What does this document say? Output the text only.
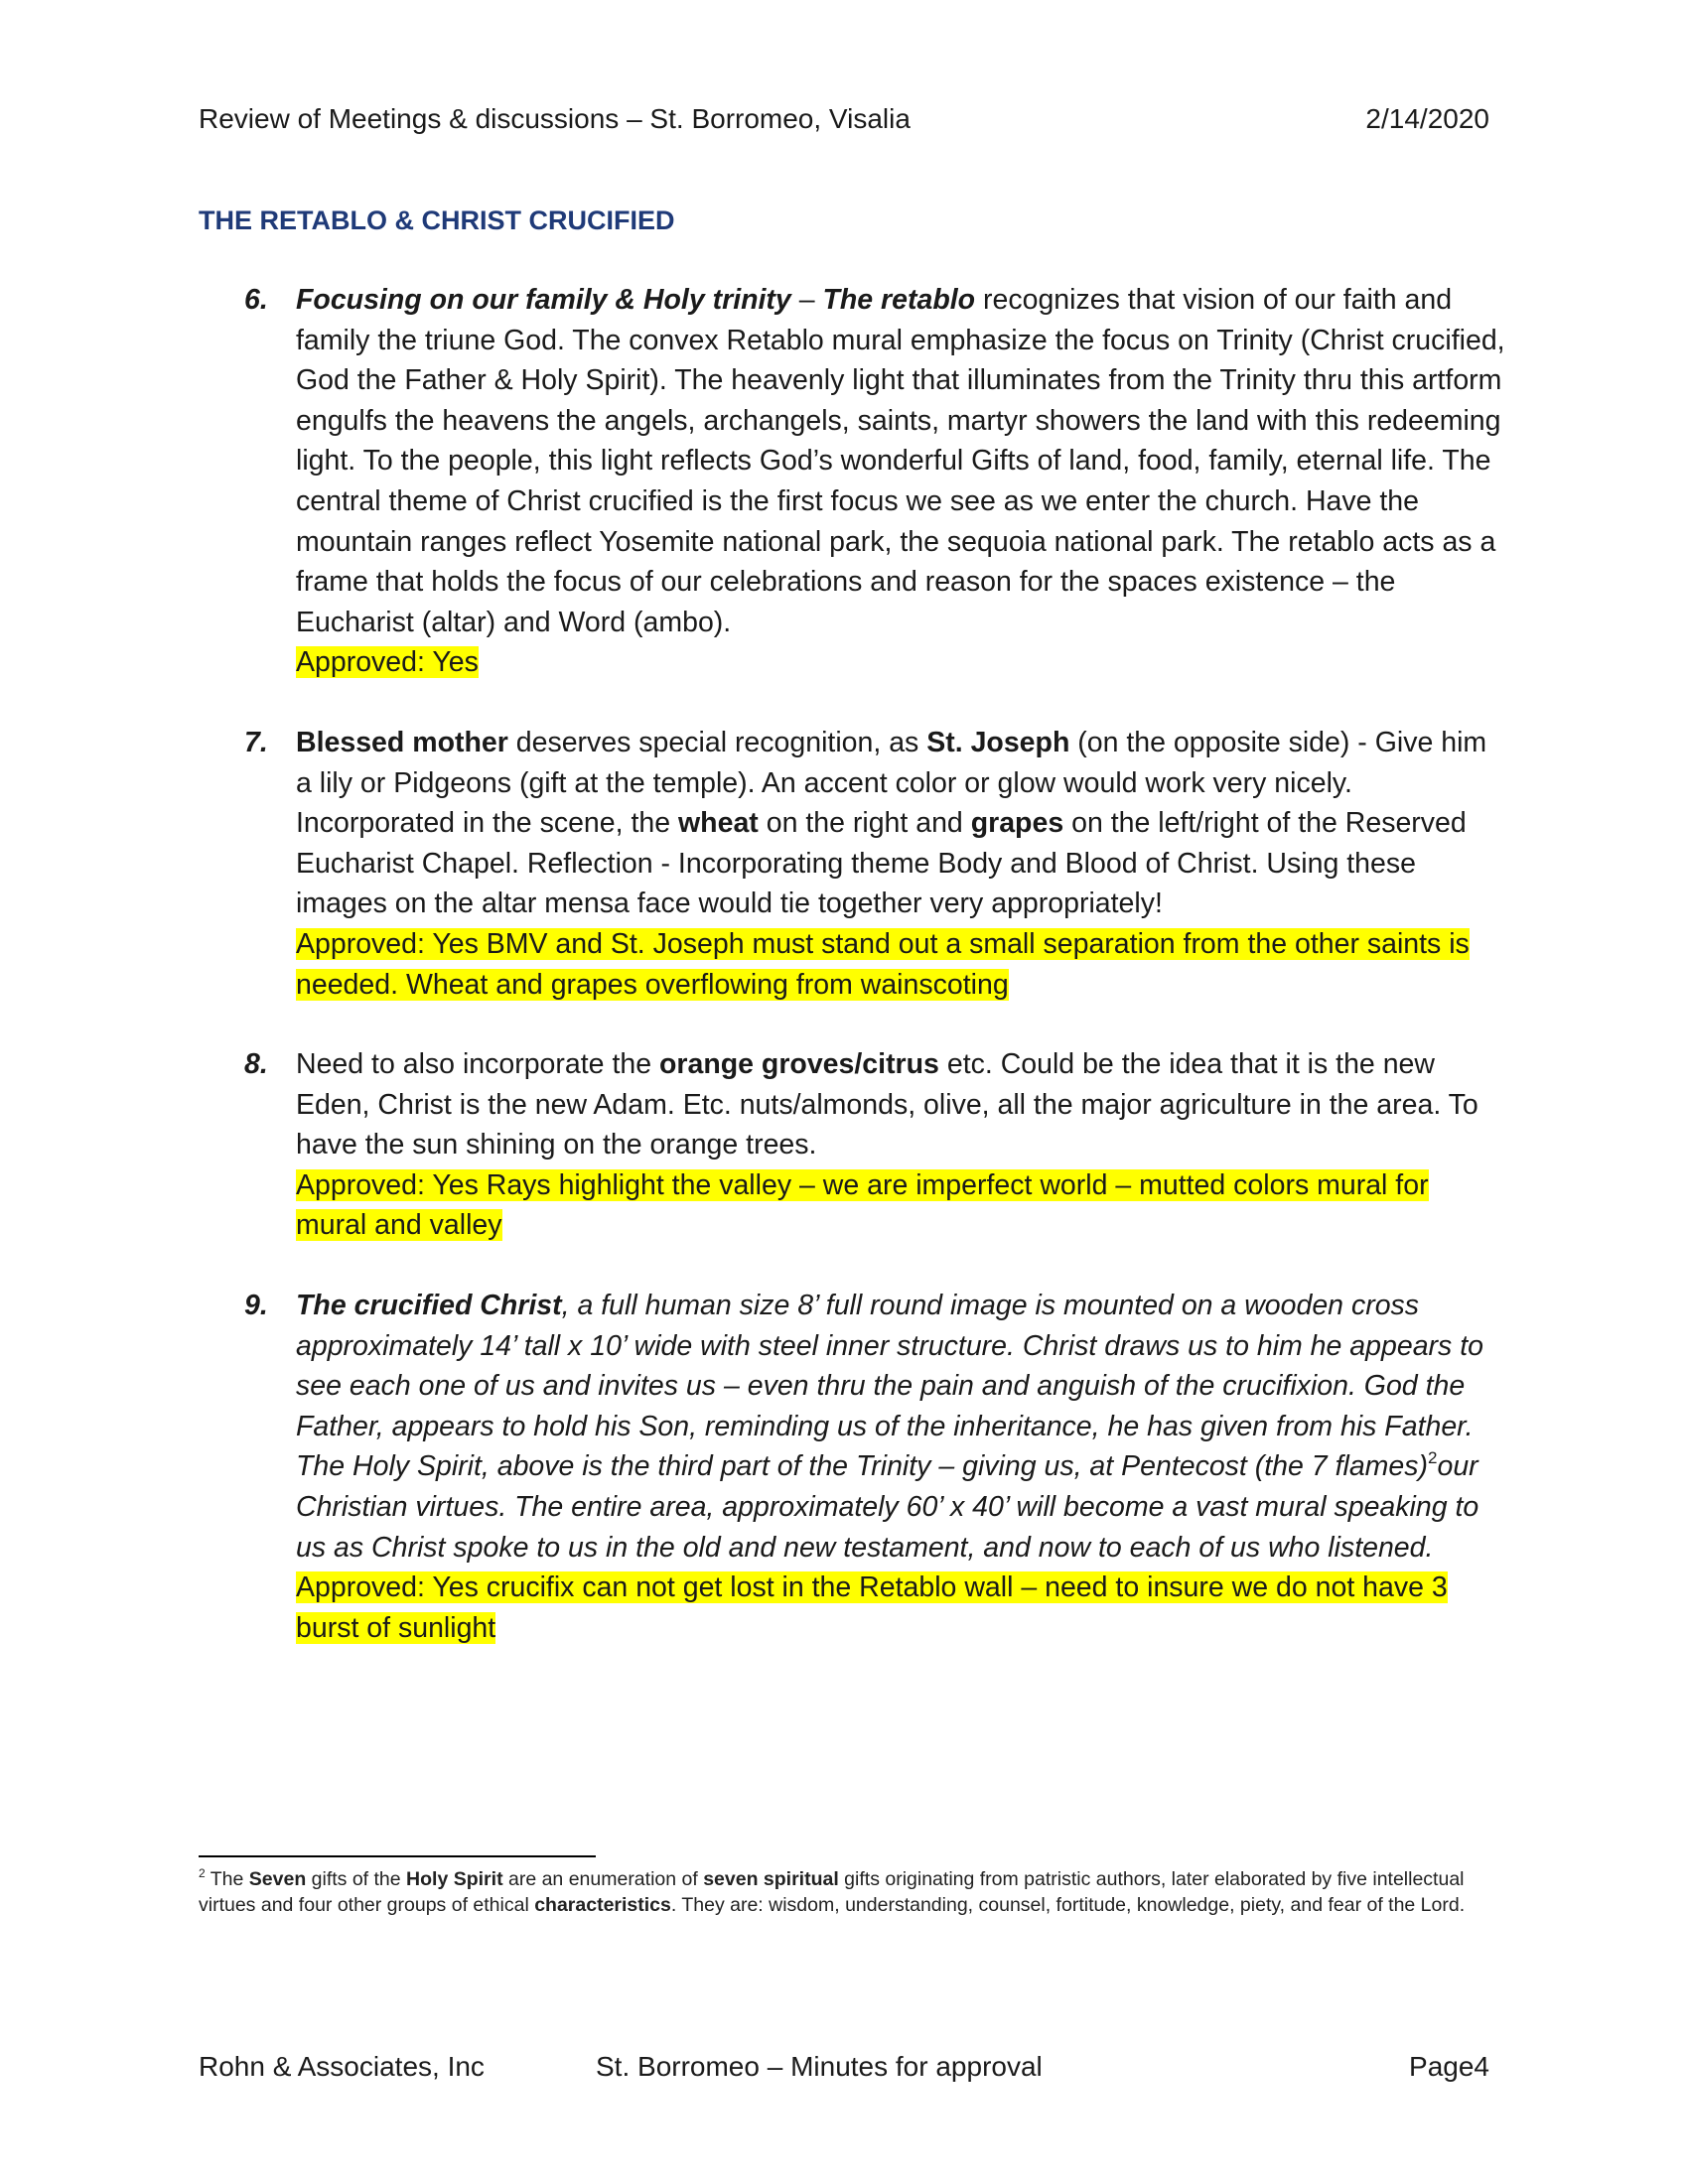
Review of Meetings & discussions – St. Borromeo, Visalia	2/14/2020
THE RETABLO & CHRIST CRUCIFIED
6. Focusing on our family & Holy trinity – The retablo recognizes that vision of our faith and family the triune God. The convex Retablo mural emphasize the focus on Trinity (Christ crucified, God the Father & Holy Spirit). The heavenly light that illuminates from the Trinity thru this artform engulfs the heavens the angels, archangels, saints, martyr showers the land with this redeeming light. To the people, this light reflects God’s wonderful Gifts of land, food, family, eternal life. The central theme of Christ crucified is the first focus we see as we enter the church. Have the mountain ranges reflect Yosemite national park, the sequoia national park. The retablo acts as a frame that holds the focus of our celebrations and reason for the spaces existence – the Eucharist (altar) and Word (ambo).

Approved: Yes

7. Blessed mother deserves special recognition, as St. Joseph (on the opposite side) - Give him a lily or Pidgeons (gift at the temple). An accent color or glow would work very nicely. Incorporated in the scene, the wheat on the right and grapes on the left/right of the Reserved Eucharist Chapel. Reflection - Incorporating theme Body and Blood of Christ. Using these images on the altar mensa face would tie together very appropriately!

Approved: Yes BMV and St. Joseph must stand out a small separation from the other saints is needed. Wheat and grapes overflowing from wainscoting

8. Need to also incorporate the orange groves/citrus etc. Could be the idea that it is the new Eden, Christ is the new Adam. Etc. nuts/almonds, olive, all the major agriculture in the area. To have the sun shining on the orange trees.

Approved: Yes Rays highlight the valley – we are imperfect world – mutted colors mural for mural and valley

9. The crucified Christ, a full human size 8’ full round image is mounted on a wooden cross approximately 14’ tall x 10’ wide with steel inner structure. Christ draws us to him he appears to see each one of us and invites us – even thru the pain and anguish of the crucifixion. God the Father, appears to hold his Son, reminding us of the inheritance, he has given from his Father. The Holy Spirit, above is the third part of the Trinity – giving us, at Pentecost (the 7 flames)$^2$our Christian virtues. The entire area, approximately 60’ x 40’ will become a vast mural speaking to us as Christ spoke to us in the old and new testament, and now to each of us who listened.

Approved: Yes crucifix can not get lost in the Retablo wall – need to insure we do not have 3 burst of sunlight

$^2$ The Seven gifts of the Holy Spirit are an enumeration of seven spiritual gifts originating from patristic authors, later elaborated by five intellectual virtues and four other groups of ethical characteristics. They are: wisdom, understanding, counsel, fortitude, knowledge, piety, and fear of the Lord.
Rohn & Associates, Inc	St. Borromeo – Minutes for approval	Page4
